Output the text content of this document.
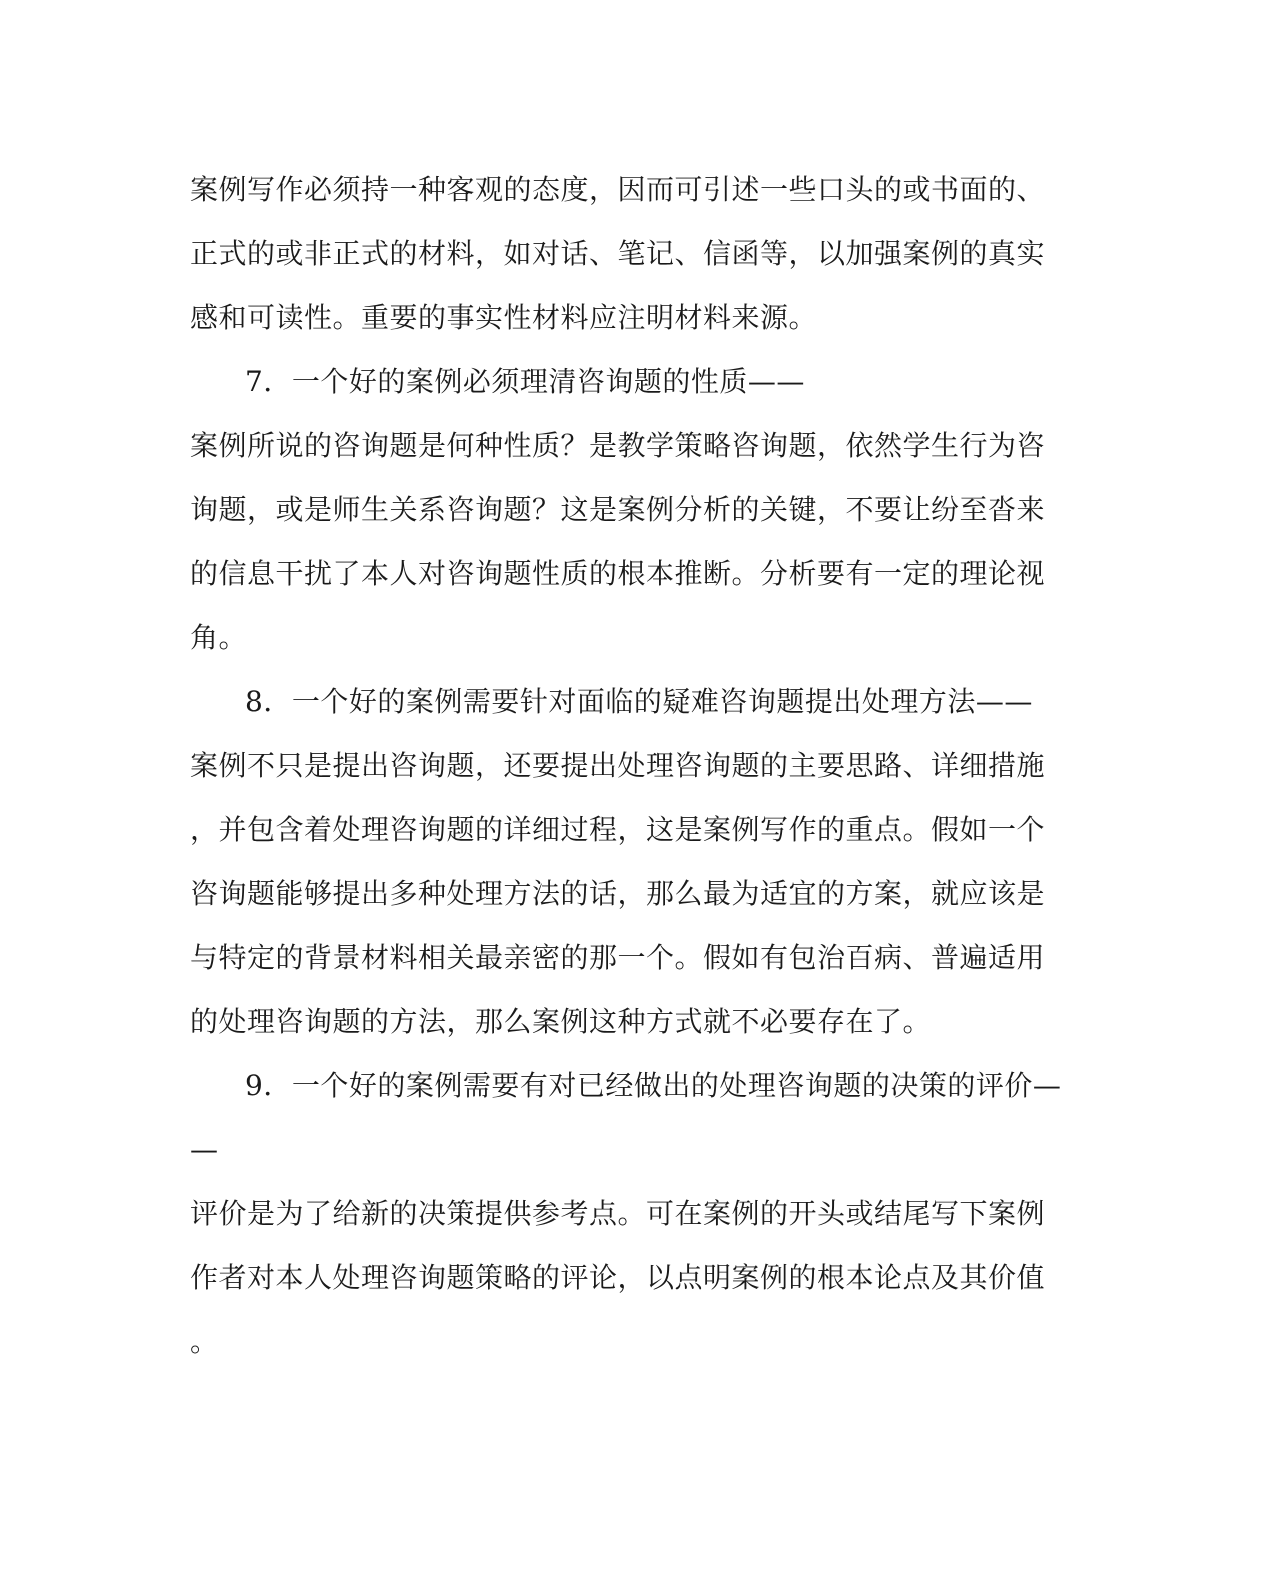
案例写作必须持一种客观的态度，因而可引述一些口头的或书面的、
正式的或非正式的材料，如对话、笔记、信函等，以加强案例的真实
感和可读性。重要的事实性材料应注明材料来源。
7．一个好的案例必须理清咨询题的性质——
案例所说的咨询题是何种性质？是教学策略咨询题，依然学生行为咨
询题，或是师生关系咨询题？这是案例分析的关键，不要让纷至沓来
的信息干扰了本人对咨询题性质的根本推断。分析要有一定的理论视
角。
8．一个好的案例需要针对面临的疑难咨询题提出处理方法——
案例不只是提出咨询题，还要提出处理咨询题的主要思路、详细措施
，并包含着处理咨询题的详细过程，这是案例写作的重点。假如一个
咨询题能够提出多种处理方法的话，那么最为适宜的方案，就应该是
与特定的背景材料相关最亲密的那一个。假如有包治百病、普遍适用
的处理咨询题的方法，那么案例这种方式就不必要存在了。
9．一个好的案例需要有对已经做出的处理咨询题的决策的评价—
—
评价是为了给新的决策提供参考点。可在案例的开头或结尾写下案例
作者对本人处理咨询题策略的评论，以点明案例的根本论点及其价值
。
